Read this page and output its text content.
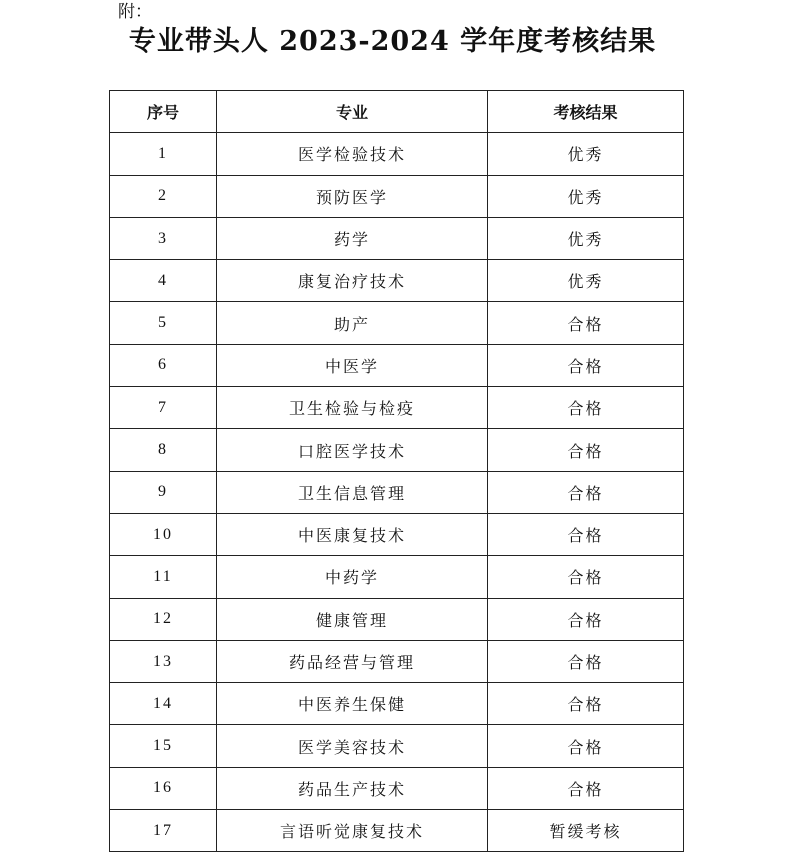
附：
专业带头人 2023-2024 学年度考核结果
序号	专业	考核结果
1	医学检验技术	优秀
2	预防医学	优秀
3	药学	优秀
4	康复治疗技术	优秀
5	助产	合格
6	中医学	合格
7	卫生检验与检疫	合格
8	口腔医学技术	合格
9	卫生信息管理	合格
10	中医康复技术	合格
11	中药学	合格
12	健康管理	合格
13	药品经营与管理	合格
14	中医养生保健	合格
15	医学美容技术	合格
16	药品生产技术	合格
17	言语听觉康复技术	暂缓考核
